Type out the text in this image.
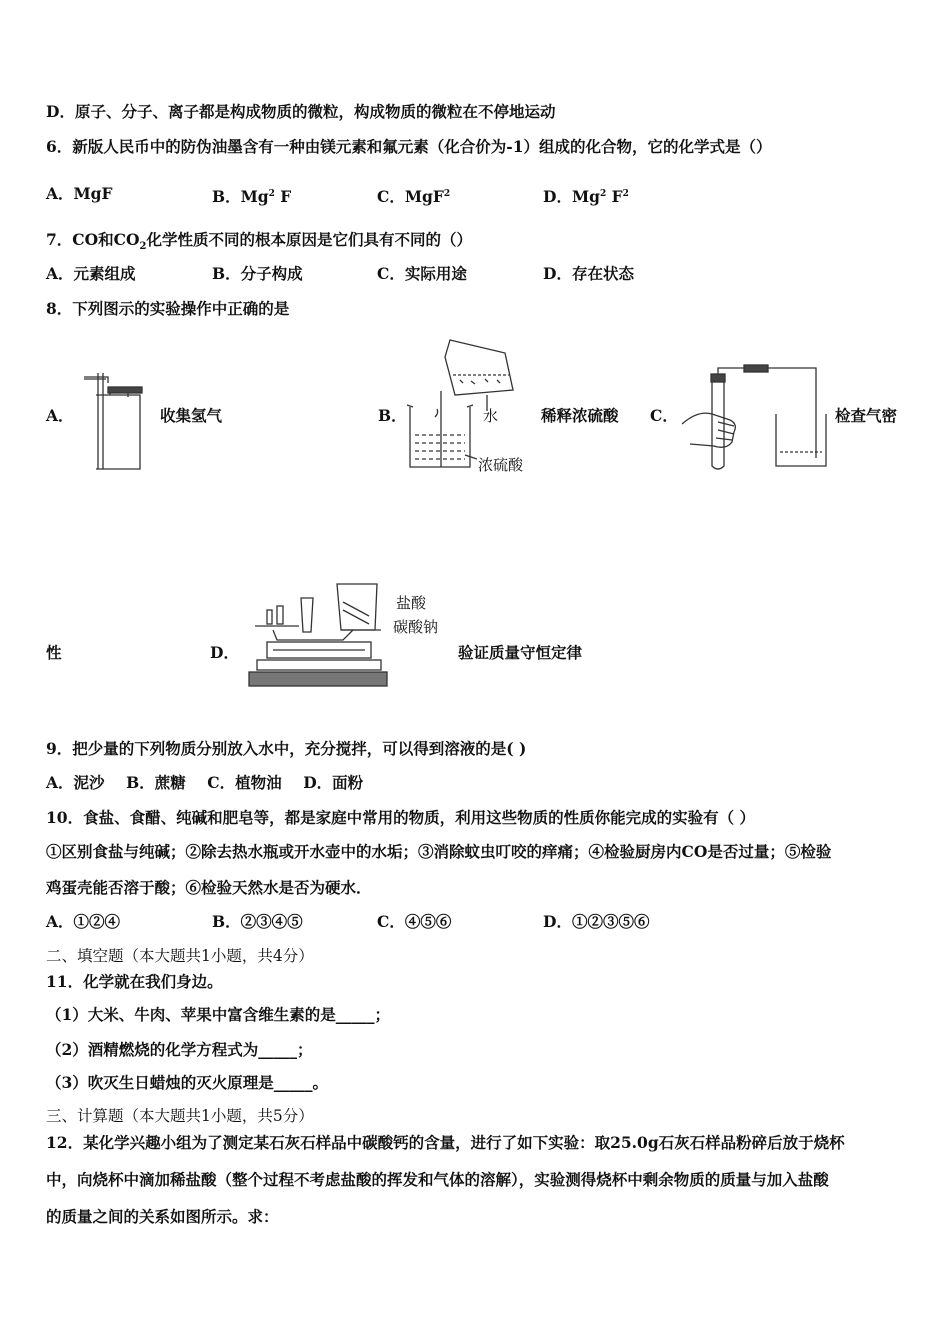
D．原子、分子、离子都是构成物质的微粒，构成物质的微粒在不停地运动
6．新版人民币中的防伪油墨含有一种由镁元素和氟元素（化合价为-1）组成的化合物，它的化学式是（）
A．MgF	B．Mg$^2$ F	C．MgF$^2$	D．Mg$^2$ $F^2$
7．CO和$CO_2$化学性质不同的根本原因是它们具有不同的（）
A．元素组成	B．分子构成	C．实际用途	D．存在状态
8．下列图示的实验操作中正确的是
A．	收集氢气	B．	水
浓硫酸
稀释浓硫酸 C．	检查气密
性	D．
盐酸
碳酸钠
验证质量守恒定律
9．把少量的下列物质分别放入水中，充分搅拌，可以得到溶液的是( )
A．泥沙    B．蔗糖    C．植物油    D．面粉
10．食盐、食醋、纯碱和肥皂等，都是家庭中常用的物质，利用这些物质的性质你能完成的实验有（ ）
①区别食盐与纯碱；②除去热水瓶或开水壶中的水垢；③消除蚊虫叮咬的痒痛；④检验厨房内CO是否过量；⑤检验
鸡蛋壳能否溶于酸；⑥检验天然水是否为硬水．
A．①②④	B．②③④⑤	C．④⑤⑥	D．①②③⑤⑥
二、填空题（本大题共1小题，共4分）
11．化学就在我们身边。
（1）大米、牛肉、苹果中富含维生素的是_____；
（2）酒精燃烧的化学方程式为_____；
（3）吹灭生日蜡烛的灭火原理是_____。
三、计算题（本大题共1小题，共5分）
12．某化学兴趣小组为了测定某石灰石样品中碳酸钙的含量，进行了如下实验：取25.0g石灰石样品粉碎后放于烧杯
中，向烧杯中滴加稀盐酸（整个过程不考虑盐酸的挥发和气体的溶解），实验测得烧杯中剩余物质的质量与加入盐酸
的质量之间的关系如图所示。求：
